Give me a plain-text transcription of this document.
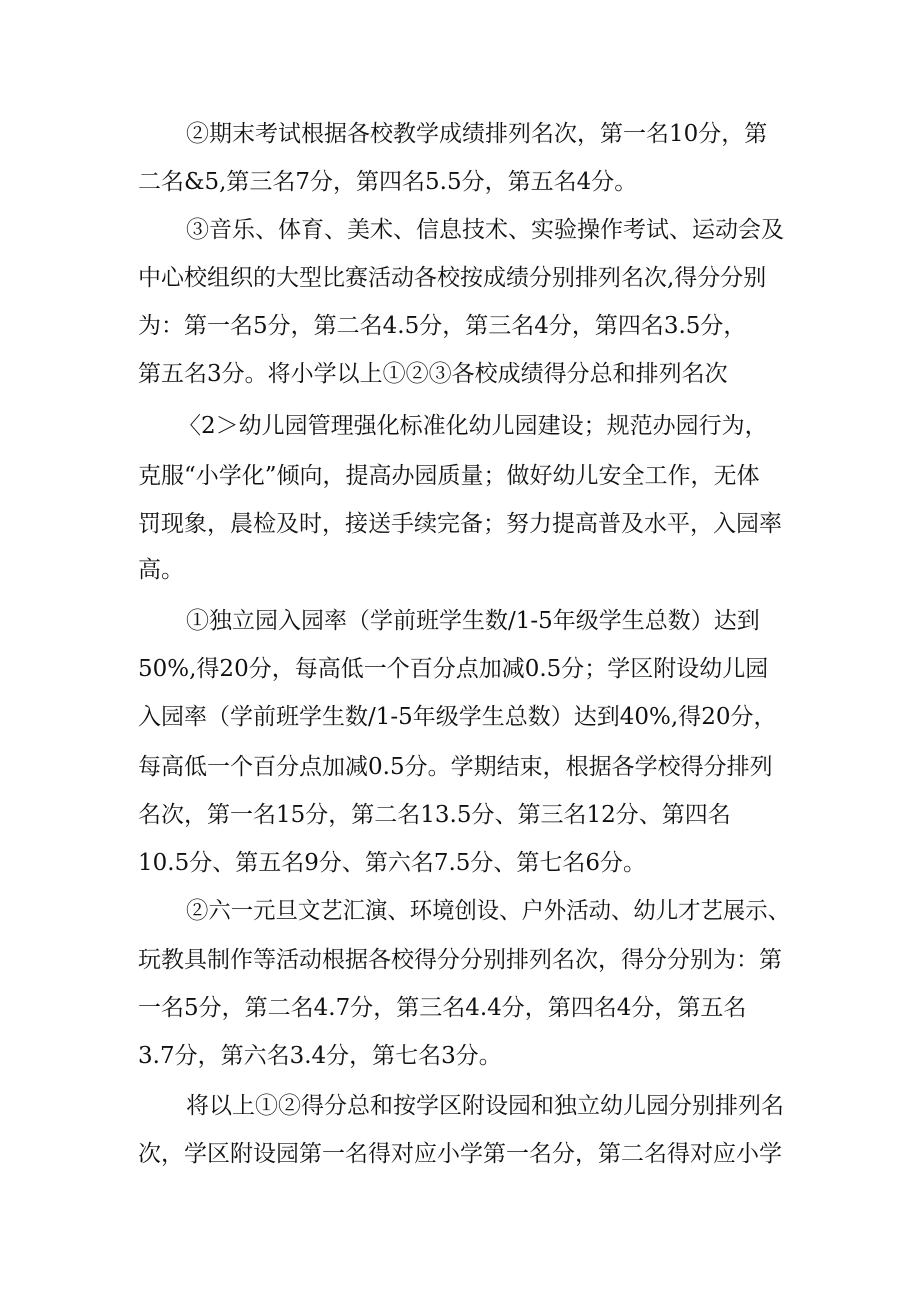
②期末考试根据各校教学成绩排列名次，第一名10分，第
二名&5,第三名7分，第四名5.5分，第五名4分。
③音乐、体育、美术、信息技术、实验操作考试、运动会及
中心校组织的大型比赛活动各校按成绩分别排列名次,得分分别
为：第一名5分，第二名4.5分，第三名4分，第四名3.5分，
第五名3分。将小学以上①②③各校成绩得分总和排列名次
〈2＞幼儿园管理强化标准化幼儿园建设；规范办园行为，
克服“小学化”倾向，提高办园质量；做好幼儿安全工作，无体
罚现象，晨检及时，接送手续完备；努力提高普及水平，入园率
高。
①独立园入园率（学前班学生数/1-5年级学生总数）达到
50%,得20分，每高低一个百分点加减0.5分；学区附设幼儿园
入园率（学前班学生数/1-5年级学生总数）达到40%,得20分，
每高低一个百分点加减0.5分。学期结束，根据各学校得分排列
名次，第一名15分，第二名13.5分、第三名12分、第四名
10.5分、第五名9分、第六名7.5分、第七名6分。
②六一元旦文艺汇演、环境创设、户外活动、幼儿才艺展示、
玩教具制作等活动根据各校得分分别排列名次，得分分别为：第
一名5分，第二名4.7分，第三名4.4分，第四名4分，第五名
3.7分，第六名3.4分，第七名3分。
将以上①②得分总和按学区附设园和独立幼儿园分别排列名
次，学区附设园第一名得对应小学第一名分，第二名得对应小学
